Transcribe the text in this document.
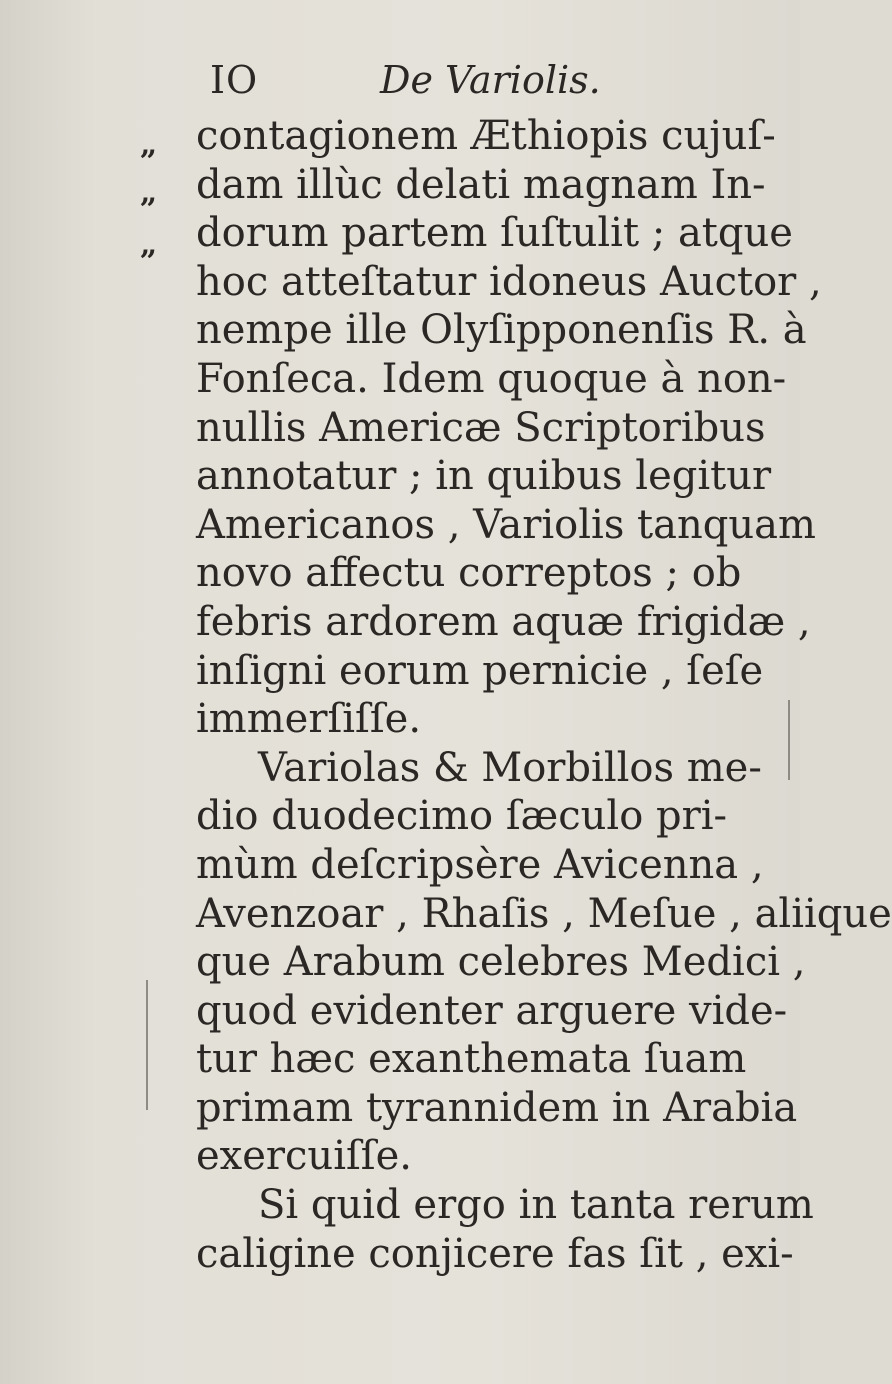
IO	De Variolis.
„
„
„
contagionem Æthiopis cujuſ-
dam illùc delati magnam In-
dorum partem ſuſtulit ; atque
hoc atteſtatur idoneus Auctor ,
nempe ille Olyſipponenſis R. à
Fonſeca. Idem quoque à non-
nullis Americæ Scriptoribus
annotatur ; in quibus legitur
Americanos , Variolis tanquam
novo affectu correptos ; ob
febris ardorem aquæ frigidæ ,
inſigni eorum pernicie , ſeſe
immerſiſſe.
Variolas & Morbillos me-
dio duodecimo ſæculo pri-
mùm deſcripsère Avicenna ,
Avenzoar , Rhaſis , Meſue , aliique
que Arabum celebres Medici ,
quod evidenter arguere vide-
tur hæc exanthemata ſuam
primam tyrannidem in Arabia
exercuiſſe.
Si quid ergo in tanta rerum
caligine conjicere fas ſit , exi-
